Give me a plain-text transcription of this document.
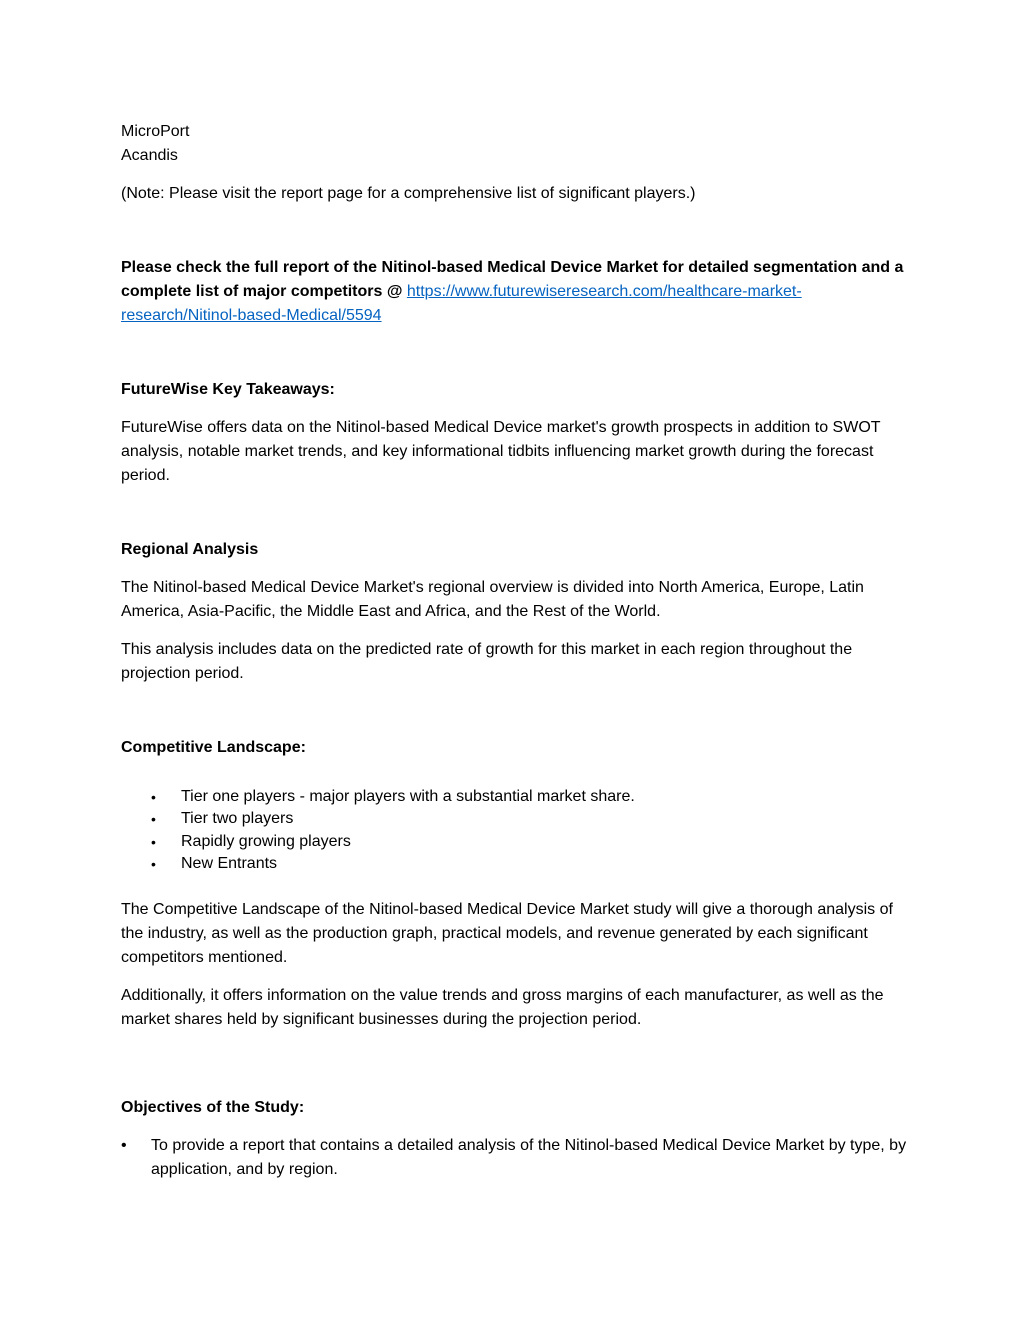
MicroPort

Acandis

(Note: Please visit the report page for a comprehensive list of significant players.)

Please check the full report of the Nitinol-based Medical Device Market for detailed segmentation and a complete list of major competitors @ https://www.futurewiseresearch.com/healthcare-market-research/Nitinol-based-Medical/5594

FutureWise Key Takeaways:

FutureWise offers data on the Nitinol-based Medical Device market's growth prospects in addition to SWOT analysis, notable market trends, and key informational tidbits influencing market growth during the forecast period.

Regional Analysis

The Nitinol-based Medical Device Market's regional overview is divided into North America, Europe, Latin America, Asia-Pacific, the Middle East and Africa, and the Rest of the World.

This analysis includes data on the predicted rate of growth for this market in each region throughout the projection period.

Competitive Landscape:

• Tier one players - major players with a substantial market share.
• Tier two players
• Rapidly growing players
• New Entrants

The Competitive Landscape of the Nitinol-based Medical Device Market study will give a thorough analysis of the industry, as well as the production graph, practical models, and revenue generated by each significant competitors mentioned.

Additionally, it offers information on the value trends and gross margins of each manufacturer, as well as the market shares held by significant businesses during the projection period.

Objectives of the Study:

• To provide a report that contains a detailed analysis of the Nitinol-based Medical Device Market by type, by application, and by region.
